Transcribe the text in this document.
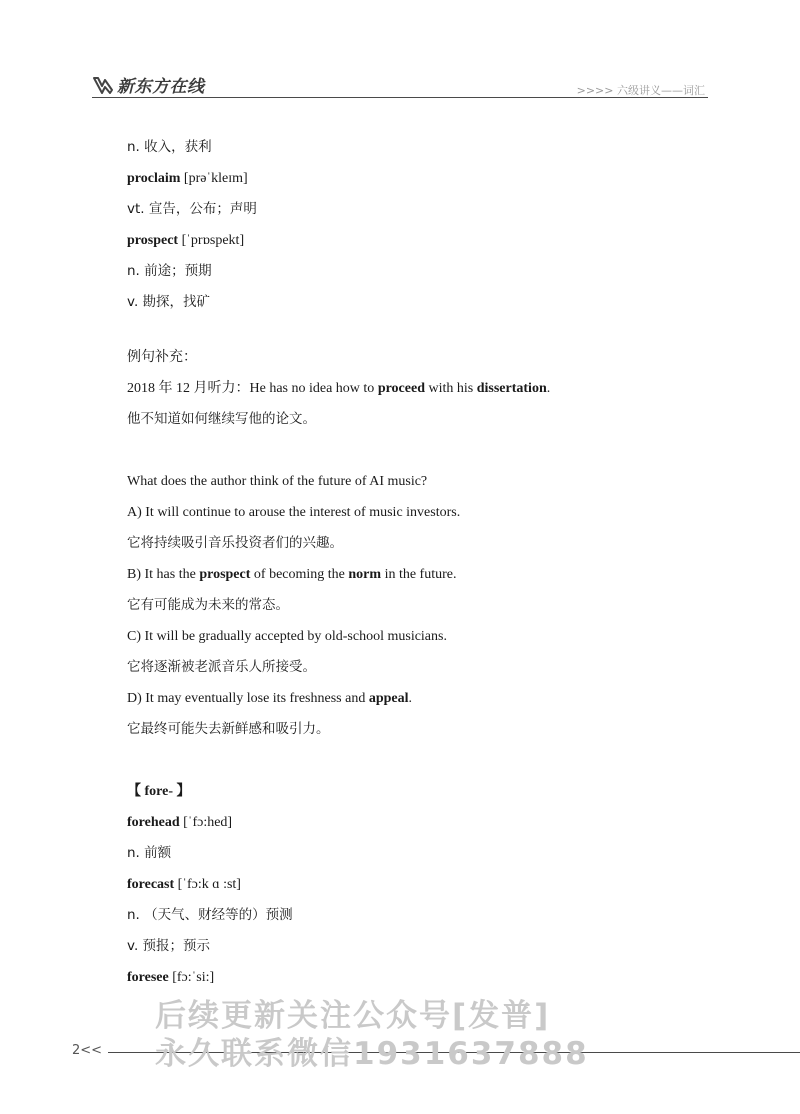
新东方在线	>>>> 六级讲义——词汇
n. 收入，获利
proclaim [prəˈkleɪm]
vt. 宣告，公布；声明
prospect [ˈprɒspekt]
n. 前途；预期
v. 勘探，找矿
例句补充：
2018 年 12 月听力：He has no idea how to proceed with his dissertation.
他不知道如何继续写他的论文。
What does the author think of the future of AI music?
A) It will continue to arouse the interest of music investors.
它将持续吸引音乐投资者们的兴趣。
B) It has the prospect of becoming the norm in the future.
它有可能成为未来的常态。
C) It will be gradually accepted by old-school musicians.
它将逐渐被老派音乐人所接受。
D) It may eventually lose its freshness and appeal.
它最终可能失去新鲜感和吸引力。
【 fore- 】
forehead [ˈfɔ:hed]
n. 前额
forecast [ˈfɔ:k ɑ :st]
n. （天气、财经等的）预测
v. 预报；预示
foresee [fɔ:ˈsi:]
2<<
后续更新关注公众号[发普]
永久联系微信1931637888
